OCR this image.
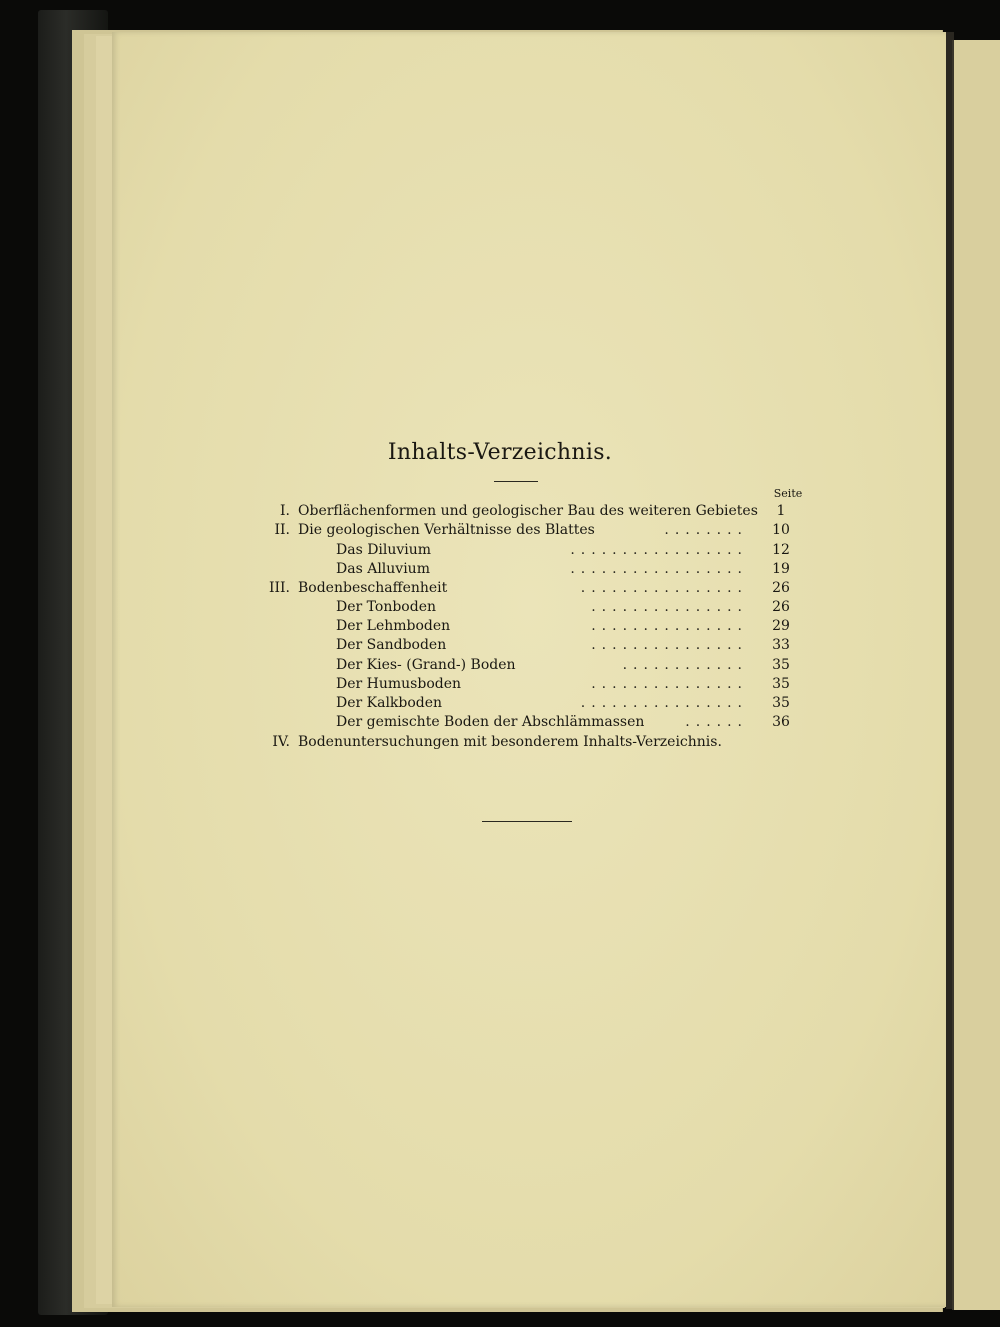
Inhalts-Verzeichnis.
Seite
I. Oberflächenformen und geologischer Bau des weiteren Gebietes	1
II. Die geologischen Verhältnisse des Blattes	........	10
Das Diluvium	.................	12
Das Alluvium	.................	19
III. Bodenbeschaffenheit	................	26
Der Tonboden	...............	26
Der Lehmboden	...............	29
Der Sandboden	...............	33
Der Kies- (Grand-) Boden	............	35
Der Humusboden	...............	35
Der Kalkboden	................	35
Der gemischte Boden der Abschlämmassen	......	36
IV. Bodenuntersuchungen mit besonderem Inhalts-Verzeichnis.
